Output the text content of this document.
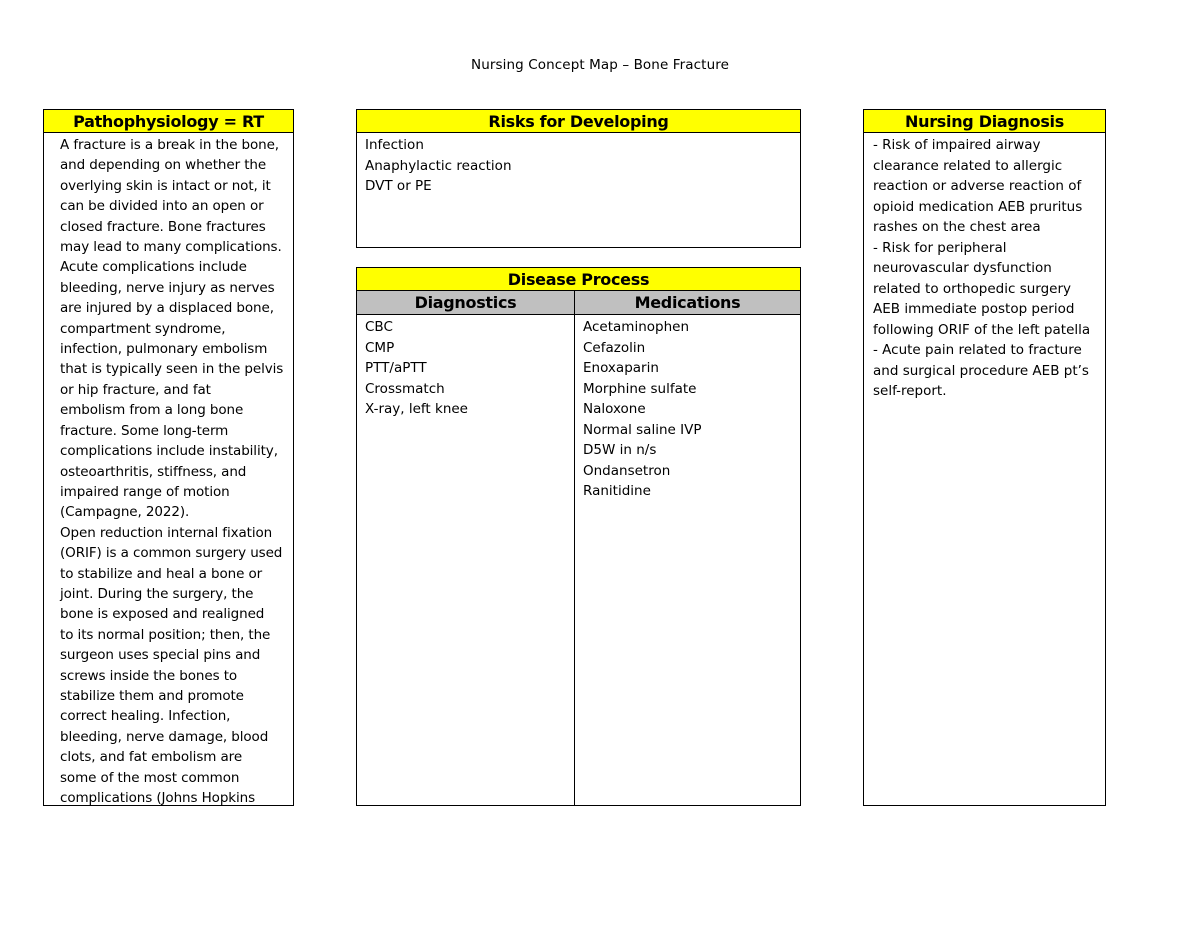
Nursing Concept Map – Bone Fracture
Pathophysiology = RT
A fracture is a break in the bone,
and depending on whether the
overlying skin is intact or not, it
can be divided into an open or
closed fracture. Bone fractures
may lead to many complications.
Acute complications include
bleeding, nerve injury as nerves
are injured by a displaced bone,
compartment syndrome,
infection, pulmonary embolism
that is typically seen in the pelvis
or hip fracture, and fat
embolism from a long bone
fracture. Some long-term
complications include instability,
osteoarthritis, stiffness, and
impaired range of motion
(Campagne, 2022).
Open reduction internal fixation
(ORIF) is a common surgery used
to stabilize and heal a bone or
joint. During the surgery, the
bone is exposed and realigned
to its normal position; then, the
surgeon uses special pins and
screws inside the bones to
stabilize them and promote
correct healing. Infection,
bleeding, nerve damage, blood
clots, and fat embolism are
some of the most common
complications (Johns Hopkins
Risks for Developing
Infection
Anaphylactic reaction
DVT or PE
Disease Process
Diagnostics	Medications
CBC
CMP
PTT/aPTT
Crossmatch
X-ray, left knee
Acetaminophen
Cefazolin
Enoxaparin
Morphine sulfate
Naloxone
Normal saline IVP
D5W in n/s
Ondansetron
Ranitidine
Nursing Diagnosis
- Risk of impaired airway
clearance related to allergic
reaction or adverse reaction of
opioid medication AEB pruritus
rashes on the chest area
- Risk for peripheral
neurovascular dysfunction
related to orthopedic surgery
AEB immediate postop period
following ORIF of the left patella
- Acute pain related to fracture
and surgical procedure AEB pt’s
self-report.
